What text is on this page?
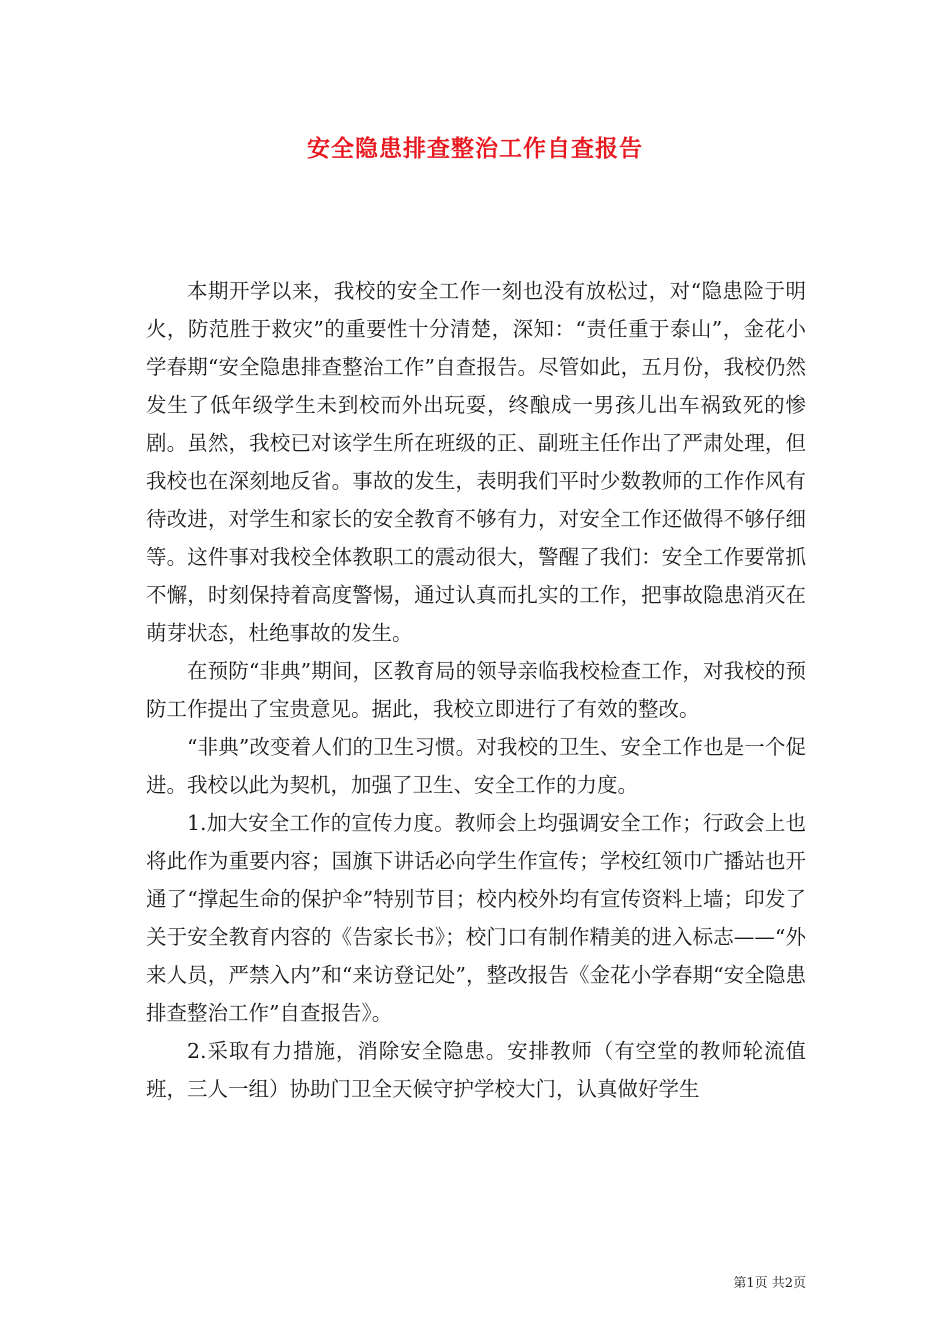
安全隐患排查整治工作自查报告

本期开学以来，我校的安全工作一刻也没有放松过，对“隐患险于明火，防范胜于救灾”的重要性十分清楚，深知：“责任重于泰山”，金花小学春期“安全隐患排查整治工作”自查报告。尽管如此，五月份，我校仍然发生了低年级学生未到校而外出玩耍，终酿成一男孩儿出车祸致死的惨剧。虽然，我校已对该学生所在班级的正、副班主任作出了严肃处理，但我校也在深刻地反省。事故的发生，表明我们平时少数教师的工作作风有待改进，对学生和家长的安全教育不够有力，对安全工作还做得不够仔细等。这件事对我校全体教职工的震动很大，警醒了我们：安全工作要常抓不懈，时刻保持着高度警惕，通过认真而扎实的工作，把事故隐患消灭在萌芽状态，杜绝事故的发生。

在预防“非典”期间，区教育局的领导亲临我校检查工作，对我校的预防工作提出了宝贵意见。据此，我校立即进行了有效的整改。

“非典”改变着人们的卫生习惯。对我校的卫生、安全工作也是一个促进。我校以此为契机，加强了卫生、安全工作的力度。

1.加大安全工作的宣传力度。教师会上均强调安全工作；行政会上也将此作为重要内容；国旗下讲话必向学生作宣传；学校红领巾广播站也开通了“撑起生命的保护伞”特别节目；校内校外均有宣传资料上墙；印发了关于安全教育内容的《告家长书》；校门口有制作精美的进入标志——“外来人员，严禁入内”和“来访登记处”，整改报告《金花小学春期“安全隐患排查整治工作”自查报告》。

2.采取有力措施，消除安全隐患。安排教师（有空堂的教师轮流值班，三人一组）协助门卫全天候守护学校大门，认真做好学生

第1页 共2页
